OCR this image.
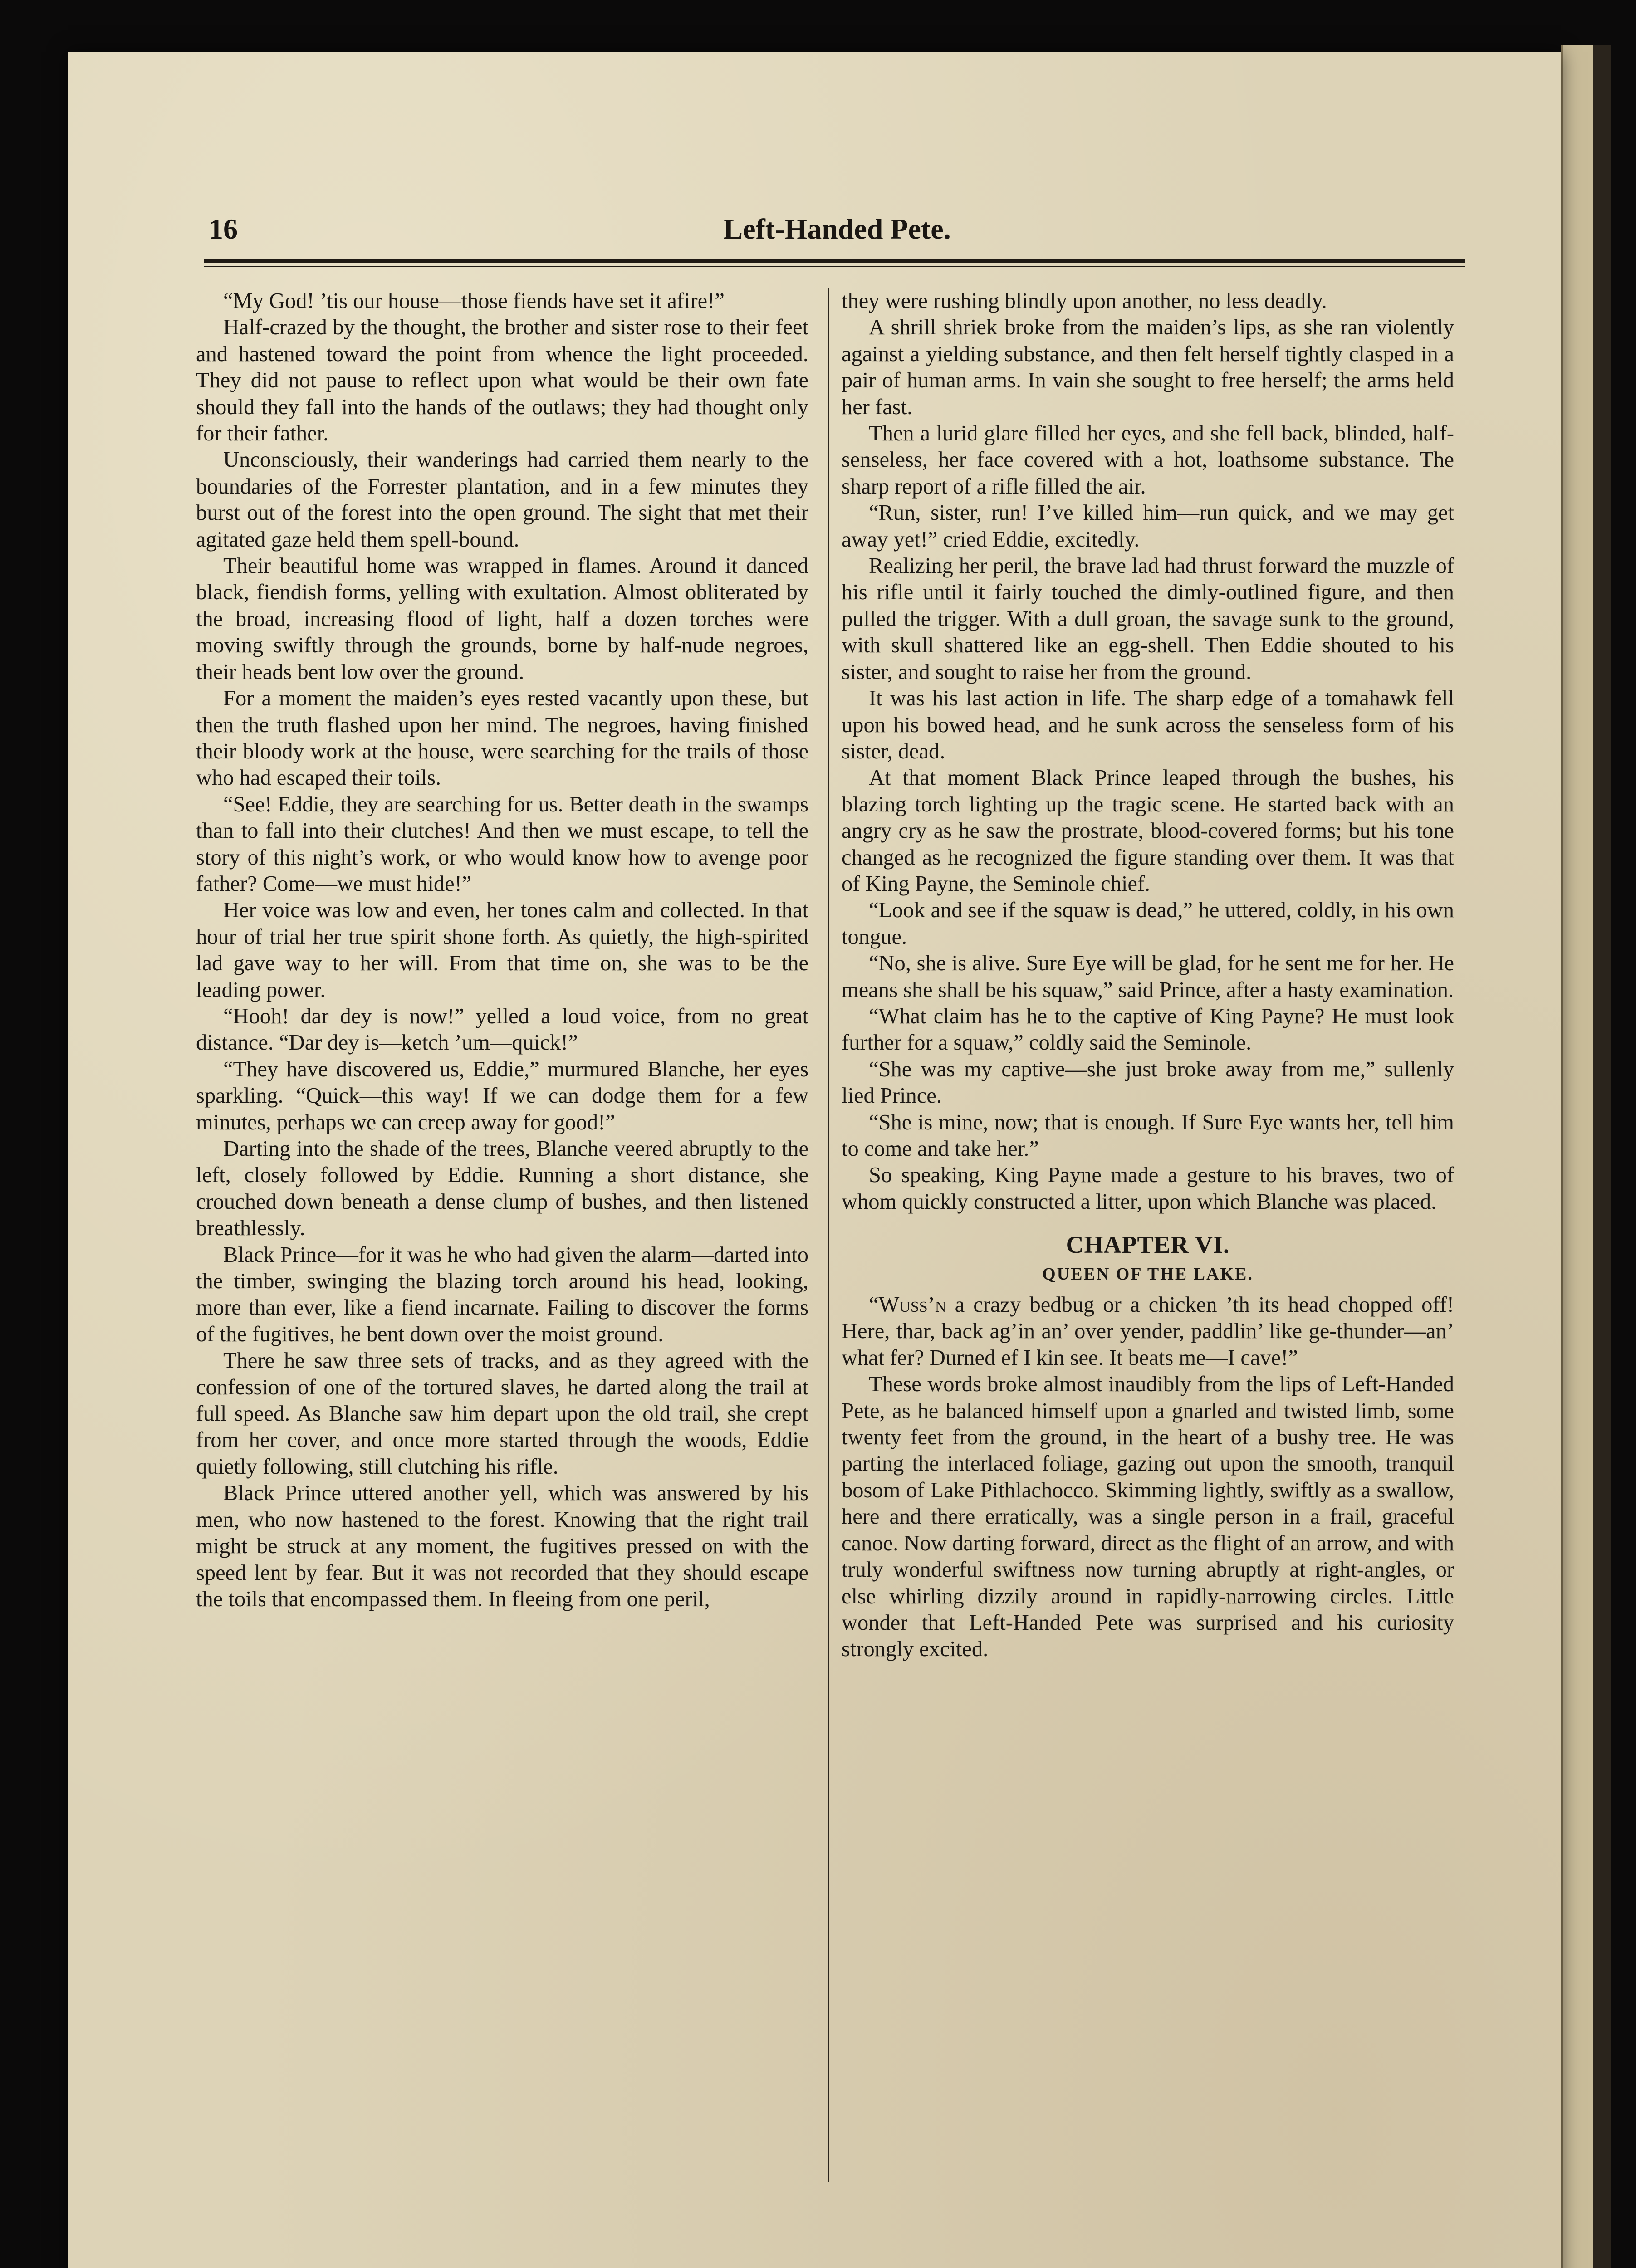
16	Left-Handed Pete.

“My God! ’tis our house—those fiends have set it afire!”

Half-crazed by the thought, the brother and sister rose to their feet and hastened toward the point from whence the light proceeded. They did not pause to reflect upon what would be their own fate should they fall into the hands of the outlaws; they had thought only for their father.

Unconsciously, their wanderings had carried them nearly to the boundaries of the Forrester plantation, and in a few minutes they burst out of the forest into the open ground. The sight that met their agitated gaze held them spell-bound.

Their beautiful home was wrapped in flames. Around it danced black, fiendish forms, yelling with exultation. Almost obliterated by the broad, increasing flood of light, half a dozen torches were moving swiftly through the grounds, borne by half-nude negroes, their heads bent low over the ground.

For a moment the maiden’s eyes rested vacantly upon these, but then the truth flashed upon her mind. The negroes, having finished their bloody work at the house, were searching for the trails of those who had escaped their toils.

“See! Eddie, they are searching for us. Better death in the swamps than to fall into their clutches! And then we must escape, to tell the story of this night’s work, or who would know how to avenge poor father? Come—we must hide!”

Her voice was low and even, her tones calm and collected. In that hour of trial her true spirit shone forth. As quietly, the high-spirited lad gave way to her will. From that time on, she was to be the leading power.

“Hooh! dar dey is now!” yelled a loud voice, from no great distance. “Dar dey is—ketch ’um—quick!”

“They have discovered us, Eddie,” murmured Blanche, her eyes sparkling. “Quick—this way! If we can dodge them for a few minutes, perhaps we can creep away for good!”

Darting into the shade of the trees, Blanche veered abruptly to the left, closely followed by Eddie. Running a short distance, she crouched down beneath a dense clump of bushes, and then listened breathlessly.

Black Prince—for it was he who had given the alarm—darted into the timber, swinging the blazing torch around his head, looking, more than ever, like a fiend incarnate. Failing to discover the forms of the fugitives, he bent down over the moist ground.

There he saw three sets of tracks, and as they agreed with the confession of one of the tortured slaves, he darted along the trail at full speed. As Blanche saw him depart upon the old trail, she crept from her cover, and once more started through the woods, Eddie quietly following, still clutching his rifle.

Black Prince uttered another yell, which was answered by his men, who now hastened to the forest. Knowing that the right trail might be struck at any moment, the fugitives pressed on with the speed lent by fear. But it was not recorded that they should escape the toils that encompassed them. In fleeing from one peril,

they were rushing blindly upon another, no less deadly.

A shrill shriek broke from the maiden’s lips, as she ran violently against a yielding substance, and then felt herself tightly clasped in a pair of human arms. In vain she sought to free herself; the arms held her fast.

Then a lurid glare filled her eyes, and she fell back, blinded, half-senseless, her face covered with a hot, loathsome substance. The sharp report of a rifle filled the air.

“Run, sister, run! I’ve killed him—run quick, and we may get away yet!” cried Eddie, excitedly.

Realizing her peril, the brave lad had thrust forward the muzzle of his rifle until it fairly touched the dimly-outlined figure, and then pulled the trigger. With a dull groan, the savage sunk to the ground, with skull shattered like an egg-shell. Then Eddie shouted to his sister, and sought to raise her from the ground.

It was his last action in life. The sharp edge of a tomahawk fell upon his bowed head, and he sunk across the senseless form of his sister, dead.

At that moment Black Prince leaped through the bushes, his blazing torch lighting up the tragic scene. He started back with an angry cry as he saw the prostrate, blood-covered forms; but his tone changed as he recognized the figure standing over them. It was that of King Payne, the Seminole chief.

“Look and see if the squaw is dead,” he uttered, coldly, in his own tongue.

“No, she is alive. Sure Eye will be glad, for he sent me for her. He means she shall be his squaw,” said Prince, after a hasty examination.

“What claim has he to the captive of King Payne? He must look further for a squaw,” coldly said the Seminole.

“She was my captive—she just broke away from me,” sullenly lied Prince.

“She is mine, now; that is enough. If Sure Eye wants her, tell him to come and take her.”

So speaking, King Payne made a gesture to his braves, two of whom quickly constructed a litter, upon which Blanche was placed.

CHAPTER VI.
QUEEN OF THE LAKE.

“Wuss’n a crazy bedbug or a chicken ’th its head chopped off! Here, thar, back ag’in an’ over yender, paddlin’ like ge-thunder—an’ what fer? Durned ef I kin see. It beats me—I cave!”

These words broke almost inaudibly from the lips of Left-Handed Pete, as he balanced himself upon a gnarled and twisted limb, some twenty feet from the ground, in the heart of a bushy tree. He was parting the interlaced foliage, gazing out upon the smooth, tranquil bosom of Lake Pithlachocco. Skimming lightly, swiftly as a swallow, here and there erratically, was a single person in a frail, graceful canoe. Now darting forward, direct as the flight of an arrow, and with truly wonderful swiftness now turning abruptly at right-angles, or else whirling dizzily around in rapidly-narrowing circles. Little wonder that Left-Handed Pete was surprised and his curiosity strongly excited.
